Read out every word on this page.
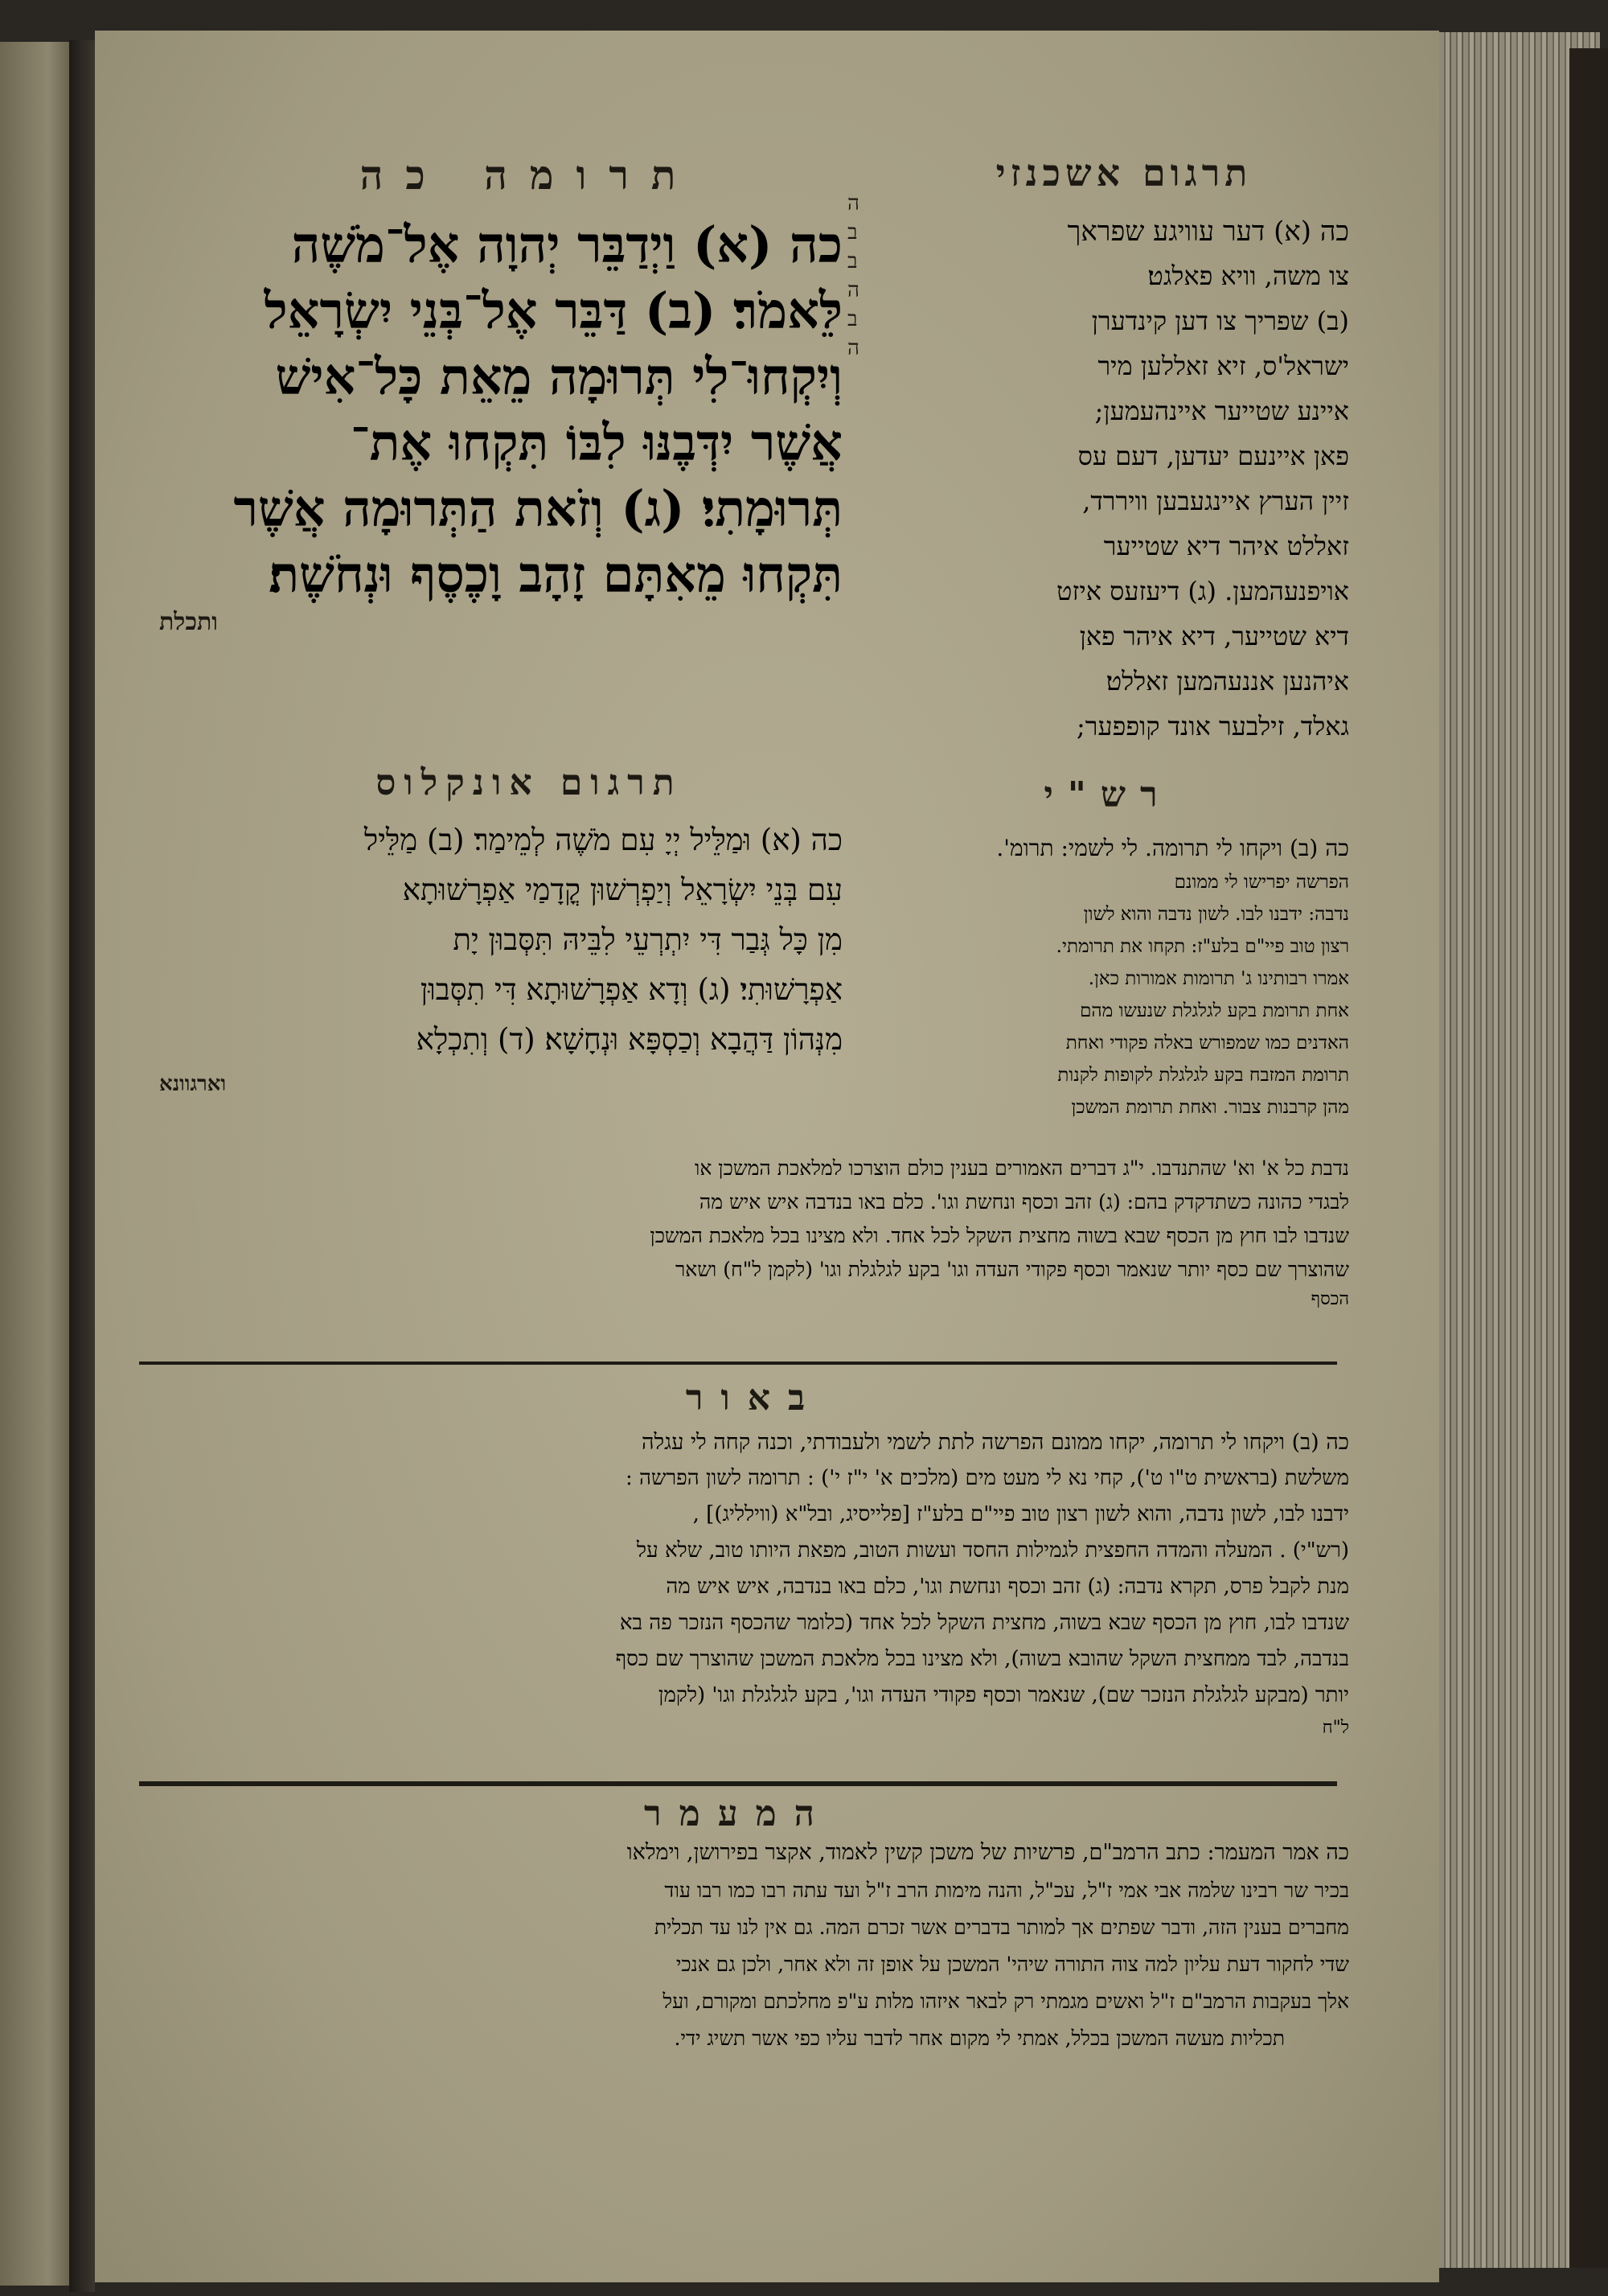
תרגום אשכנזי
תרומה כה
ה
ב
ב
ה
ב
ה
כה (א) וַיְדַבֵּר יְהוָה אֶל־מֹשֶׁה
לֵּאמֹר׃ (ב) דַּבֵּר אֶל־בְּנֵי יִשְׂרָאֵל
וְיִקְחוּ־לִי תְּרוּמָה מֵאֵת כָּל־אִישׁ
אֲשֶׁר יִדְּבֶנּוּ לִבּוֹ תִּקְחוּ אֶת־
תְּרוּמָתִי׃ (ג) וְזֹאת הַתְּרוּמָה אֲשֶׁר
תִּקְחוּ מֵאִתָּם זָהָב וָכֶסֶף וּנְחֹשֶׁת׃
ותכלת
כה (א) דער עוויגע שפראך
צו משה, וויא פאלגט׃
(ב) שפריך צו דען קינדערן
ישראל'ס, זיא זאללען מיר
איינע שטייער איינהעמען;
פאן איינעם יעדען, דעם עס
זיין הערץ איינגעבען וויררד,
זאללט איהר דיא שטייער
אויפנעהמען. (ג) דיעזעס איזט
דיא שטייער, דיא איהר פאן
איהנען אננעהמען זאללט׃
גאלד, זילבער אונד קופפער;
תרגום אונקלוס
כה (א) וּמַלֵּיל יְיָ עִם מֹשֶׁה לְמֵימַר׃ (ב) מַלֵּיל
עִם בְּנֵי יִשְׂרָאֵל וְיַפְרְשׁוּן קֳדָמַי אַפְרָשׁוּתָא
מִן כָּל גְּבַר דִּי יִתְרְעֵי לִבֵּיהּ תִּסְּבוּן יָת
אַפְרָשׁוּתִי׃ (ג) וְדָא אַפְרָשׁוּתָא דִּי תִסְּבוּן
מִנְּהוֹן דַּהֲבָא וְכַסְפָּא וּנְחָשָׁא׃ (ד) וְתִכְלָא
וארגוונא
רש"י
כה (ב) ויקחו לי תרומה. לי לשמי: תרומ'.
הפרשה יפרישו לי ממונם
נדבה: ידבנו לבו. לשון נדבה והוא לשון
רצון טוב פיי"ם בלע"ז: תקחו את תרומתי.
אמרו רבותינו ג' תרומות אמורות כאן.
אחת תרומת בקע לגלגלת שנעשו מהם
האדנים כמו שמפורש באלה פקודי ואחת
תרומת המזבח בקע לגלגלת לקופות לקנות
מהן קרבנות צבור. ואחת תרומת המשכן
נדבת כל א' וא' שהתנדבו. י"ג דברים האמורים בענין כולם הוצרכו למלאכת המשכן או
לבגדי כהונה כשתדקדק בהם: (ג) זהב וכסף ונחשת וגו'. כלם באו בנדבה איש איש מה
שנדבו לבו חוץ מן הכסף שבא בשוה מחצית השקל לכל אחד. ולא מצינו בכל מלאכת המשכן
שהוצרך שם כסף יותר שנאמר וכסף פקודי העדה וגו' בקע לגלגלת וגו' (לקמן ל"ח) ושאר
הכסף
באור
כה (ב) ויקחו לי תרומה, יקחו ממונם הפרשה לתת לשמי ולעבודתי, וכנה קחה לי עגלה
משלשת (בראשית ט"ו ט'), קחי נא לי מעט מים (מלכים א' י"ז י') : תרומה לשון הפרשה :
ידבנו לבו, לשון נדבה, והוא לשון רצון טוב פיי"ם בלע"ז [פלייסיג, ובל"א (ווילליג)] ,
(רש"י) . המעלה והמדה החפצית לגמילות החסד ועשות הטוב, מפאת היותו טוב, שלא על
מנת לקבל פרס, תקרא נדבה: (ג) זהב וכסף ונחשת וגו', כלם באו בנדבה, איש איש מה
שנדבו לבו, חוץ מן הכסף שבא בשוה, מחצית השקל לכל אחד (כלומר שהכסף הנזכר פה בא
בנדבה, לבד ממחצית השקל שהובא בשוה), ולא מצינו בכל מלאכת המשכן שהוצרך שם כסף
יותר (מבקע לגלגלת הנזכר שם), שנאמר וכסף פקודי העדה וגו', בקע לגלגלת וגו' (לקמן
ל"ח
המעמר
כה אמר המעמר: כתב הרמב"ם, פרשיות של משכן קשין לאמוד, אקצר בפירושן, וימלאו
בכיר שר רבינו שלמה אבי אמי ז"ל, עכ"ל, והנה מימות הרב ז"ל ועד עתה רבו כמו רבו עוד
מחברים בענין הזה, ודבר שפתים אך למותר בדברים אשר זכרם המה. גם אין לנו עד תכלית
שדי לחקור דעת עליון למה צוה התורה שיהי' המשכן על אופן זה ולא אחר, ולכן גם אנכי
אלך בעקבות הרמב"ם ז"ל ואשים מגמתי רק לבאר איזהו מלות ע"פ מחלכתם ומקורם, ועל
תכליות מעשה המשכן בכלל, אמתי לי מקום אחר לדבר עליו כפי אשר תשיג ידי.
